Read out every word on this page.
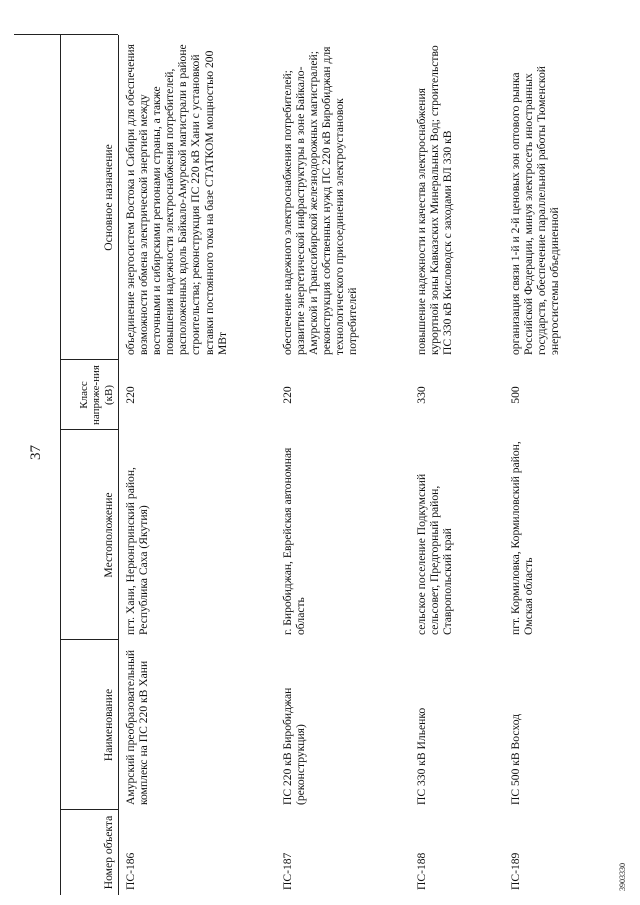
Номер объекта
Наименование
Местоположение
Класс напряже-ния (кВ)
Основное назначение
ПС-186
Амурский преобразовательный комплекс на ПС 220 кВ Хани
пгт. Хани, Нерюнгринский район, Республика Саха (Якутия)
220
объединение энергосистем Востока и Сибири для обеспечения возможности обмена электрической энергией между восточными и сибирскими регионами страны, а также повышения надежности электроснабжения потребителей, расположенных вдоль Байкало-Амурской магистрали в районе строительства; реконструкция ПС 220 кВ Хани с установкой вставки постоянного тока на базе СТАТКОМ мощностью 200 МВт
ПС-187
ПС 220 кВ Биробиджан (реконструкция)
г. Биробиджан, Еврейская автономная область
220
обеспечение надежного электроснабжения потребителей; развитие энергетической инфраструктуры в зоне Байкало-Амурской и Транссибирской железнодорожных магистралей; реконструкция собственных нужд ПС 220 кВ Биробиджан для технологического присоединения электроустановок потребителей
ПС-188
ПС 330 кВ Ильенко
сельское поселение Подкумский сельсовет, Предгорный район, Ставропольский край
330
повышение надежности и качества электроснабжения курортной зоны Кавказских Минеральных Вод; строительство ПС 330 кВ Кисловодск с заходами ВЛ 330 кВ
ПС-189
ПС 500 кВ Восход
пгт. Кормиловка, Кормиловский район, Омская область
500
организация связи 1-й и 2-й ценовых зон оптового рынка Российской Федерации, минуя электросеть иностранных государств, обеспечение параллельной работы Тюменской энергосистемы объединенной
37
3903330
